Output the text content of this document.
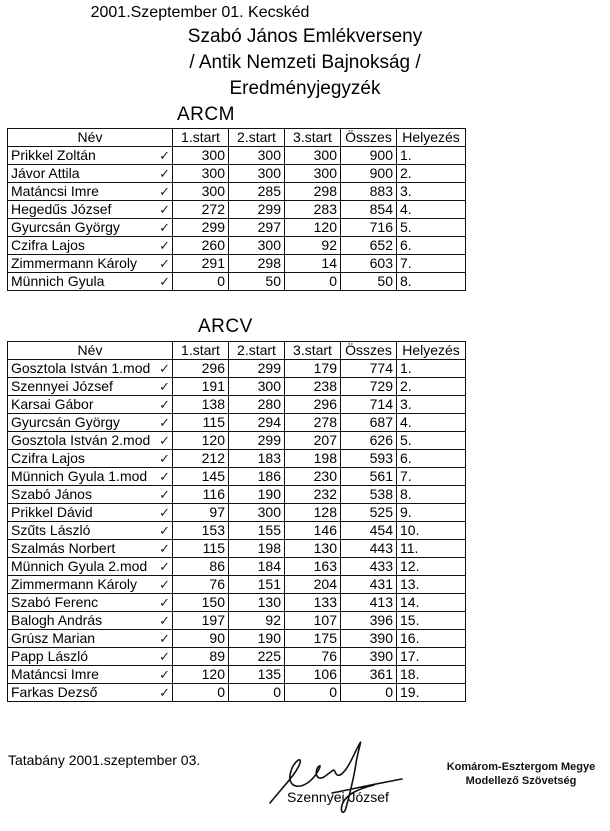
2001.Szeptember 01. Kecskéd
Szabó János Emlékverseny
/ Antik Nemzeti Bajnokság /
Eredményjegyzék
ARCM
Név	1.start	2.start	3.start	Összes	Helyezés
Prikkel Zoltán ✓	300	300	300	900	1.
Jávor Attila ✓	300	300	300	900	2.
Matáncsi Imre ✓	300	285	298	883	3.
Hegedűs József ✓	272	299	283	854	4.
Gyurcsán György ✓	299	297	120	716	5.
Czifra Lajos ✓	260	300	92	652	6.
Zimmermann Károly ✓	291	298	14	603	7.
Münnich Gyula ✓	0	50	0	50	8.
ARCV
Név	1.start	2.start	3.start	Összes	Helyezés
Gosztola István 1.mod ✓	296	299	179	774	1.
Szennyei József ✓	191	300	238	729	2.
Karsai Gábor ✓	138	280	296	714	3.
Gyurcsán György ✓	115	294	278	687	4.
Gosztola István 2.mod ✓	120	299	207	626	5.
Czifra Lajos ✓	212	183	198	593	6.
Münnich Gyula 1.mod ✓	145	186	230	561	7.
Szabó János ✓	116	190	232	538	8.
Prikkel Dávid ✓	97	300	128	525	9.
Szűts László ✓	153	155	146	454	10.
Szalmás Norbert ✓	115	198	130	443	11.
Münnich Gyula 2.mod ✓	86	184	163	433	12.
Zimmermann Károly ✓	76	151	204	431	13.
Szabó Ferenc ✓	150	130	133	413	14.
Balogh András ✓	197	92	107	396	15.
Grúsz Marian ✓	90	190	175	390	16.
Papp László ✓	89	225	76	390	17.
Matáncsi Imre ✓	120	135	106	361	18.
Farkas Dezső ✓	0	0	0	0	19.
Tatabány 2001.szeptember 03.
Szennyei József
Komárom-Esztergom Megye
Modellező Szövetség
